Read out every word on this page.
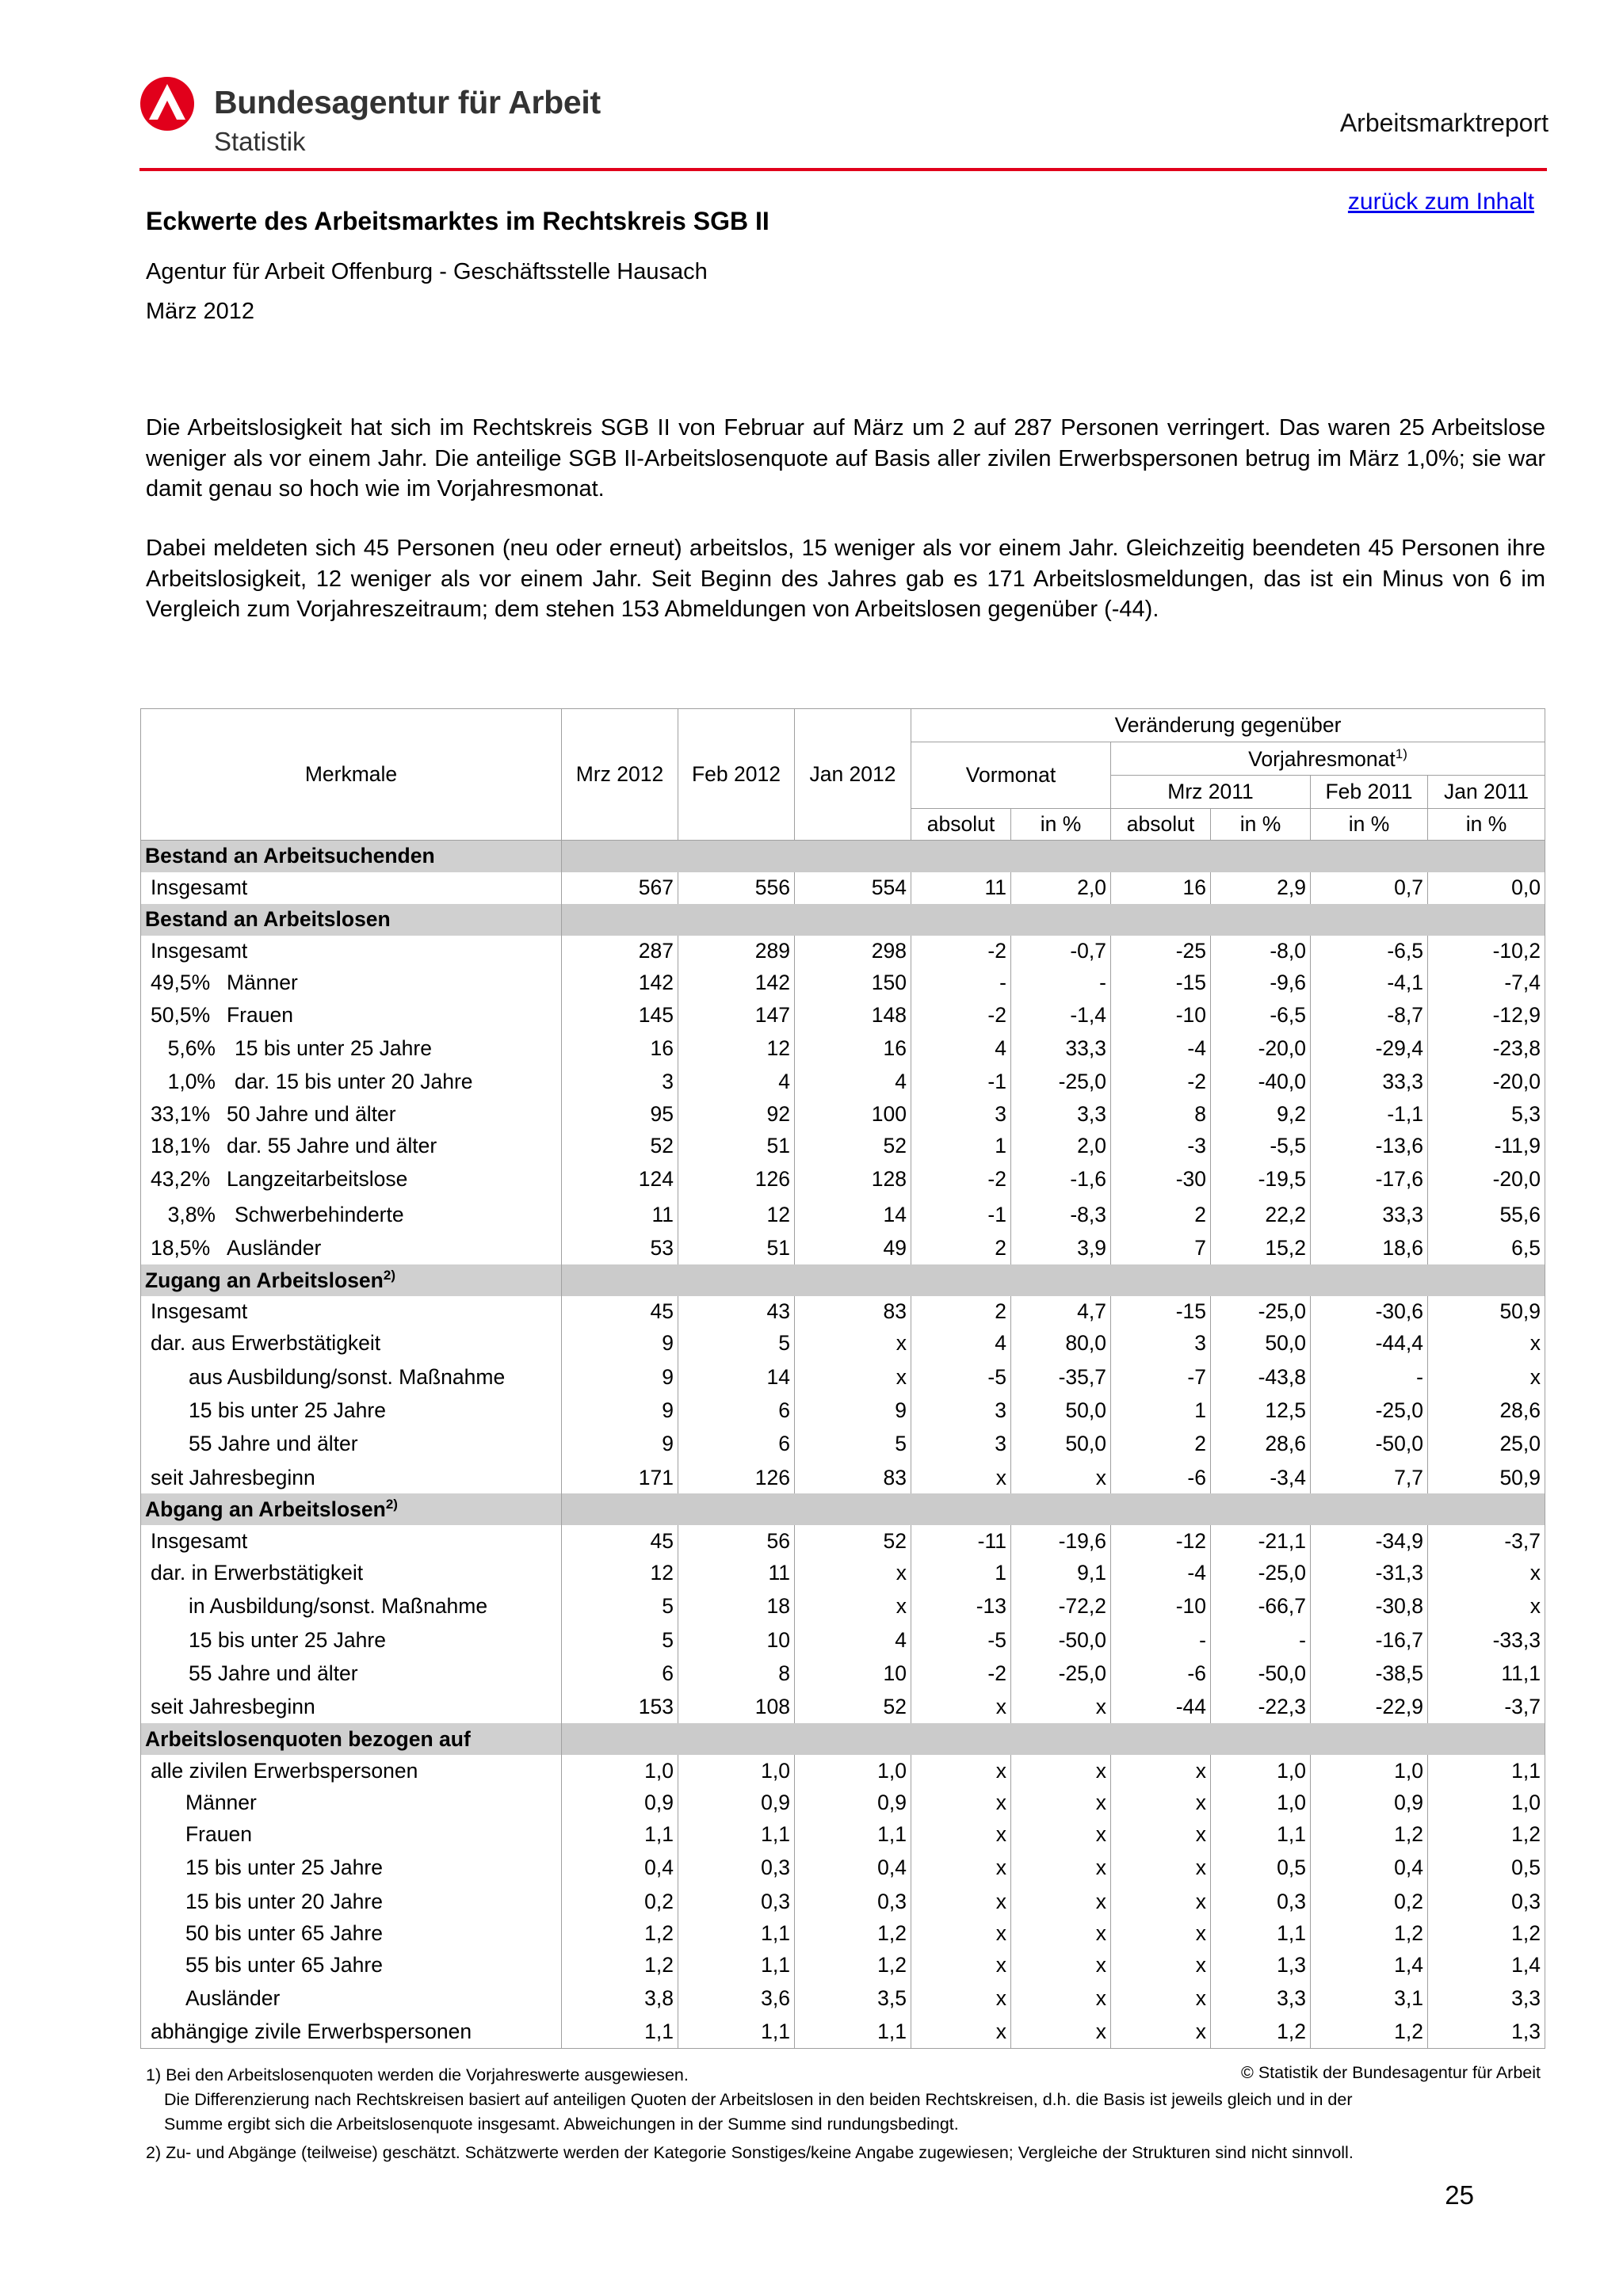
Bundesagentur für Arbeit
Statistik
Arbeitsmarktreport
zurück zum Inhalt
Eckwerte des Arbeitsmarktes im Rechtskreis SGB II
Agentur für Arbeit Offenburg - Geschäftsstelle Hausach
März 2012

Die Arbeitslosigkeit hat sich im Rechtskreis SGB II von Februar auf März um 2 auf 287 Personen verringert. Das waren 25 Arbeitslose weniger als vor einem Jahr. Die anteilige SGB II-Arbeitslosenquote auf Basis aller zivilen Erwerbspersonen betrug im März 1,0%; sie war damit genau so hoch wie im Vorjahresmonat.

Dabei meldeten sich 45 Personen (neu oder erneut) arbeitslos, 15 weniger als vor einem Jahr. Gleichzeitig beendeten 45 Personen ihre Arbeitslosigkeit, 12 weniger als vor einem Jahr. Seit Beginn des Jahres gab es 171 Arbeitslosmeldungen, das ist ein Minus von 6 im Vergleich zum Vorjahreszeitraum; dem stehen 153 Abmeldungen von Arbeitslosen gegenüber (-44).

Merkmale	Mrz 2012	Feb 2012	Jan 2012	Veränderung gegenüber					
				Vormonat		Vorjahresmonat$^{1)}$
						Mrz 2011		Feb 2011	Jan 2011
				absolut	in %	absolut	in %	in %	in %
Bestand an Arbeitsuchenden									
Insgesamt	567	556	554	11	2,0	16	2,9	0,7	0,0
Bestand an Arbeitslosen									
Insgesamt	287	289	298	-2	-0,7	-25	-8,0	-6,5	-10,2
49,5% Männer	142	142	150	-	-	-15	-9,6	-4,1	-7,4
50,5% Frauen	145	147	148	-2	-1,4	-10	-6,5	-8,7	-12,9
5,6% 15 bis unter 25 Jahre	16	12	16	4	33,3	-4	-20,0	-29,4	-23,8
1,0% dar. 15 bis unter 20 Jahre	3	4	4	-1	-25,0	-2	-40,0	33,3	-20,0
33,1% 50 Jahre und älter	95	92	100	3	3,3	8	9,2	-1,1	5,3
18,1% dar. 55 Jahre und älter	52	51	52	1	2,0	-3	-5,5	-13,6	-11,9
43,2% Langzeitarbeitslose	124	126	128	-2	-1,6	-30	-19,5	-17,6	-20,0
3,8% Schwerbehinderte	11	12	14	-1	-8,3	2	22,2	33,3	55,6
18,5% Ausländer	53	51	49	2	3,9	7	15,2	18,6	6,5
Zugang an Arbeitslosen$^{2)}$	
Insgesamt	45	43	83	2	4,7	-15	-25,0	-30,6	50,9
dar. aus Erwerbstätigkeit	9	5	x	4	80,0	3	50,0	-44,4	x
aus Ausbildung/sonst. Maßnahme	9	14	x	-5	-35,7	-7	-43,8	-	x
15 bis unter 25 Jahre	9	6	9	3	50,0	1	12,5	-25,0	28,6
55 Jahre und älter	9	6	5	3	50,0	2	28,6	-50,0	25,0
seit Jahresbeginn	171	126	83	x	x	-6	-3,4	7,7	50,9
Abgang an Arbeitslosen$^{2)}$	
Insgesamt	45	56	52	-11	-19,6	-12	-21,1	-34,9	-3,7
dar. in Erwerbstätigkeit	12	11	x	1	9,1	-4	-25,0	-31,3	x
in Ausbildung/sonst. Maßnahme	5	18	x	-13	-72,2	-10	-66,7	-30,8	x
15 bis unter 25 Jahre	5	10	4	-5	-50,0	-	-	-16,7	-33,3
55 Jahre und älter	6	8	10	-2	-25,0	-6	-50,0	-38,5	11,1
seit Jahresbeginn	153	108	52	x	x	-44	-22,3	-22,9	-3,7
Arbeitslosenquoten bezogen auf									
alle zivilen Erwerbspersonen	1,0	1,0	1,0	x	x	x	1,0	1,0	1,1
Männer	0,9	0,9	0,9	x	x	x	1,0	0,9	1,0
Frauen	1,1	1,1	1,1	x	x	x	1,1	1,2	1,2
15 bis unter 25 Jahre	0,4	0,3	0,4	x	x	x	0,5	0,4	0,5
15 bis unter 20 Jahre	0,2	0,3	0,3	x	x	x	0,3	0,2	0,3
50 bis unter 65 Jahre	1,2	1,1	1,2	x	x	x	1,1	1,2	1,2
55 bis unter 65 Jahre	1,2	1,1	1,2	x	x	x	1,3	1,4	1,4
Ausländer	3,8	3,6	3,5	x	x	x	3,3	3,1	3,3
abhängige zivile Erwerbspersonen	1,1	1,1	1,1	x	x	x	1,2	1,2	1,3
1) Bei den Arbeitslosenquoten werden die Vorjahreswerte ausgewiesen.
Die Differenzierung nach Rechtskreisen basiert auf anteiligen Quoten der Arbeitslosen in den beiden Rechtskreisen, d.h. die Basis ist jeweils gleich und in der
Summe ergibt sich die Arbeitslosenquote insgesamt. Abweichungen in der Summe sind rundungsbedingt.
2) Zu- und Abgänge (teilweise) geschätzt. Schätzwerte werden der Kategorie Sonstiges/keine Angabe zugewiesen; Vergleiche der Strukturen sind nicht sinnvoll.
© Statistik der Bundesagentur für Arbeit
25
